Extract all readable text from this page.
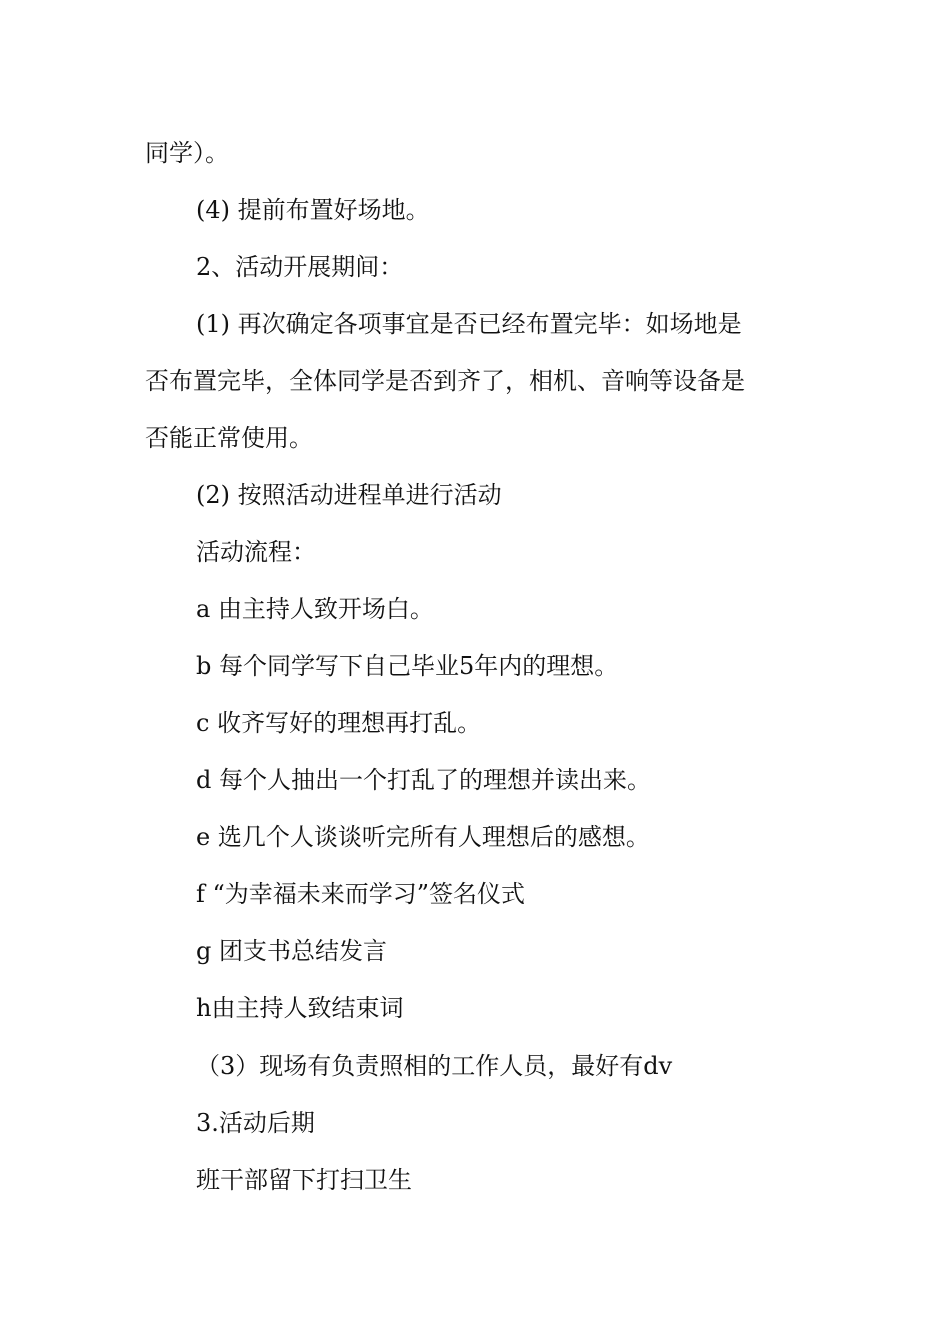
同学）。
(4) 提前布置好场地。
2、活动开展期间：
(1) 再次确定各项事宜是否已经布置完毕：如场地是
否布置完毕，全体同学是否到齐了，相机、音响等设备是
否能正常使用。
(2) 按照活动进程单进行活动
活动流程：
a 由主持人致开场白。
b 每个同学写下自己毕业5年内的理想。
c 收齐写好的理想再打乱。
d 每个人抽出一个打乱了的理想并读出来。
e 选几个人谈谈听完所有人理想后的感想。
f “为幸福未来而学习”签名仪式
g 团支书总结发言
h由主持人致结束词
（3）现场有负责照相的工作人员，最好有dv
3.活动后期
班干部留下打扫卫生
